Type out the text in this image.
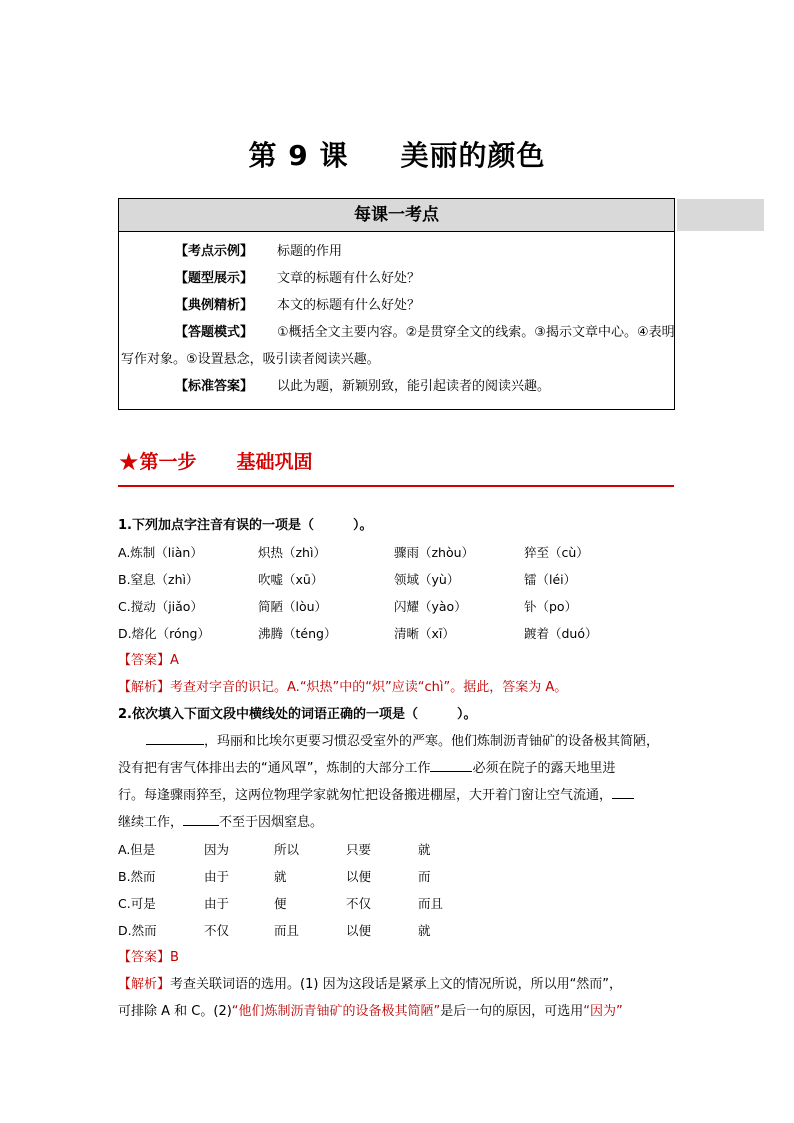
第 9 课 美丽的颜色
每课一考点
【考点示例】 标题的作用
【题型展示】 文章的标题有什么好处？
【典例精析】 本文的标题有什么好处？
【答题模式】 ①概括全文主要内容。②是贯穿全文的线索。③揭示文章中心。④表明
写作对象。⑤设置悬念，吸引读者阅读兴趣。
【标准答案】 以此为题，新颖别致，能引起读者的阅读兴趣。
★第一步 基础巩固
1.下列加点字注音有误的一项是（　　　）。
A.炼制（liàn）	炽热（zhì）	骤雨（zhòu）	猝至（cù）
B.窒息（zhì）	吹嘘（xū）	领域（yù）	镭（léi）
C.搅动（jiǎo）	简陋（lòu）	闪耀（yào）	钋（po）
D.熔化（róng）	沸腾（téng）	清晰（xī）	踱着（duó）
【答案】A
【解析】考查对字音的识记。A.“炽热”中的“炽”应读“chì”。据此，答案为 A。
2.依次填入下面文段中横线处的词语正确的一项是（　　　）。
，玛丽和比埃尔更要习惯忍受室外的严寒。他们炼制沥青铀矿的设备极其简陋，
没有把有害气体排出去的“通风罩”，炼制的大部分工作	必须在院子的露天地里进
行。每逢骤雨猝至，这两位物理学家就匆忙把设备搬进棚屋，大开着门窗让空气流通，
继续工作，	不至于因烟窒息。
A.但是	因为	所以	只要	就
B.然而	由于	就	以便	而
C.可是	由于	便	不仅	而且
D.然而	不仅	而且	以便	就
【答案】B
【解析】考查关联词语的选用。(1) 因为这段话是紧承上文的情况所说，所以用“然而”，
可排除 A 和 C。(2)“他们炼制沥青铀矿的设备极其简陋”是后一句的原因，可选用“因为”
